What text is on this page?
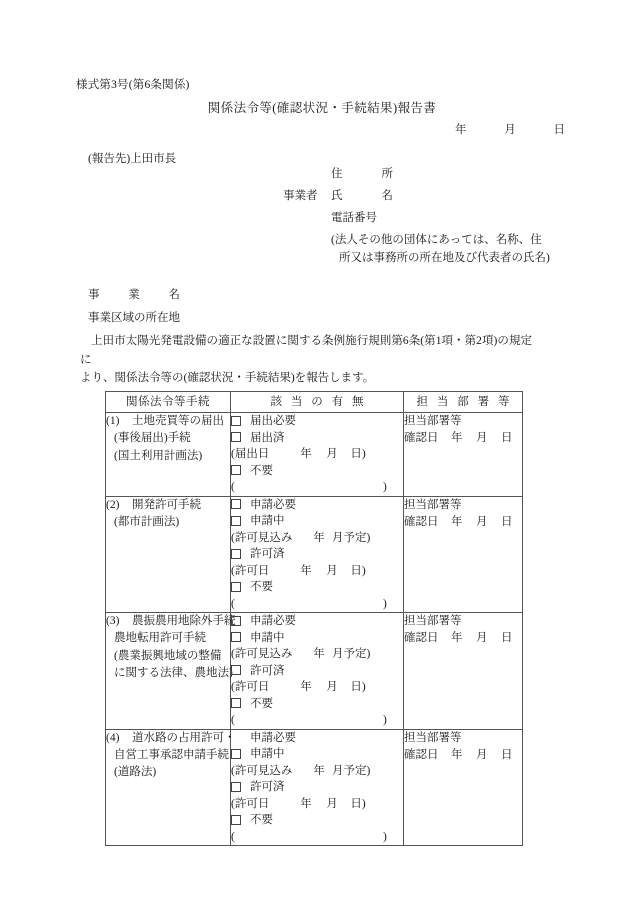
様式第3号(第6条関係)
関係法令等(確認状況・手続結果)報告書
年	月	日
(報告先)上田市長
住	所
事業者	氏	名
電話番号
(法人その他の団体にあっては、名称、住
所又は事務所の所在地及び代表者の氏名)
事	業	名
事業区域の所在地
上田市太陽光発電設備の適正な設置に関する条例施行規則第6条(第1項・第2項)の規定に
より、関係法令等の(確認状況・手続結果)を報告します。
関係法令等手続	該 当 の 有 無	担 当 部 署 等

(1) 土地売買等の届出
(事後届出)手続
(国土利用計画法)

届出必要
届出済
(届出日	年 月 日)
不要
(	)

担当部署等
確認日 年 月 日

(2) 開発許可手続
(都市計画法)

申請必要
申請中
(許可見込み 年 月予定)
許可済
(許可日	年 月 日)
不要
(	)

担当部署等
確認日 年 月 日

(3) 農振農用地除外手続
農地転用許可手続
(農業振興地域の整備
に関する法律、農地法)

申請必要
申請中
(許可見込み 年 月予定)
許可済
(許可日	年 月 日)
不要
(	)

担当部署等
確認日 年 月 日

(4) 道水路の占用許可・
自営工事承認申請手続
(道路法)

申請必要
申請中
(許可見込み 年 月予定)
許可済
(許可日	年 月 日)
不要
(	)

担当部署等
確認日 年 月 日
